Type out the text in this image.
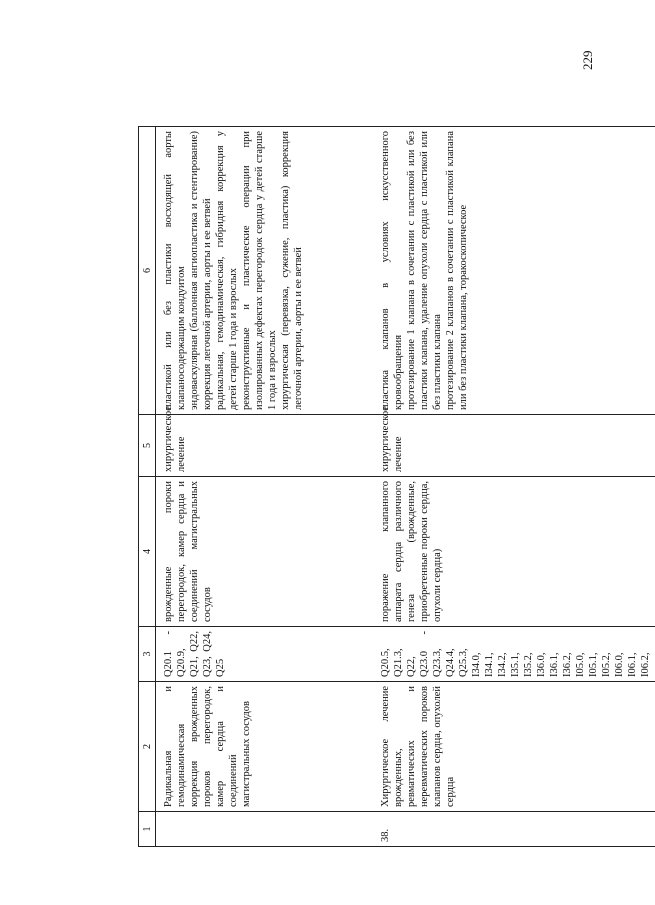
229
1	2	3	4	5	6
	Радикальная и гемодинамическая коррекция врожденных пороков перегородок, камер сердца и соединений магистральных сосудов	Q20.1 - Q20.9, Q21, Q22, Q23, Q24, Q25	врожденные пороки перегородок, камер сердца и соединений магистральных сосудов	хирургическое лечение	пластикой или без пластики восходящей аорты клапаносодержащим кондуитом эндоваскулярная (баллонная ангиопластика и стентирование) коррекция легочной артерии, аорты и ее ветвей радикальная, гемодинамическая, гибридная коррекция у детей старше 1 года и взрослых реконструктивные и пластические операции при изолированных дефектах перегородок сердца у детей старше 1 года и взрослых хирургическая (перевязка, сужение, пластика) коррекция легочной артерии, аорты и ее ветвей

38.	Хирургическое лечение врожденных, ревматических и неревматических пороков клапанов сердца, опухолей сердца	Q20.5, Q21.3, Q22, Q23.0 - Q23.3, Q24.4, Q25.3, I34.0, I34.1, I34.2, I35.1, I35.2, I36.0, I36.1, I36.2, I05.0, I05.1, I05.2, I06.0, I06.1, I06.2,	поражение клапанного аппарата сердца различного генеза (врожденные, приобретенные пороки сердца, опухоли сердца)	хирургическое лечение	пластика клапанов в условиях искусственного кровообращения протезирование 1 клапана в сочетании с пластикой или без пластики клапана, удаление опухоли сердца с пластикой или без пластики клапана протезирование 2 клапанов в сочетании с пластикой клапана или без пластики клапана, торакоскопическое
